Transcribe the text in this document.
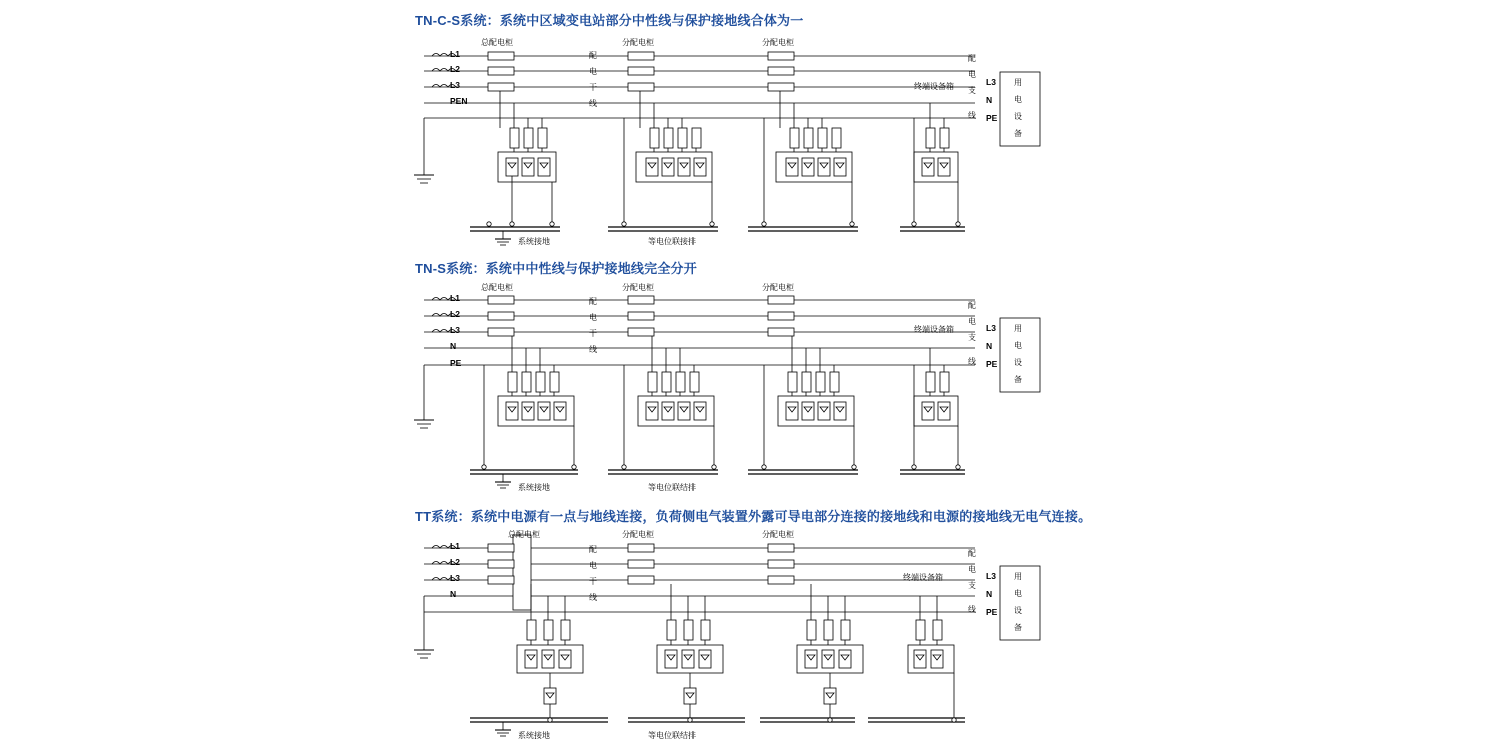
TN-C-S系统：系统中区域变电站部分中性线与保护接地线合体为一
TN-S系统：系统中中性线与保护接地线完全分开
TT系统：系统中电源有一点与地线连接，负荷侧电气装置外露可导电部分连接的接地线和电源的接地线无电气连接。
L1
L2
L3
PEN
总配电柜	分配电柜	分配电柜
终端设备箱
配
电
干
线
配
电
支
线
L3
N
PE
用
电
设
备
系统接地	等电位联接排
L1
L2
L3
N
PE
总配电柜	分配电柜	分配电柜
终端设备箱
配
电
干
线
配
电
支
线
L3
N
PE
用
电
设
备
系统接地	等电位联结排
L1
L2
L3
N
总配电柜	分配电柜	分配电柜
终端设备箱
配
电
干
线
配
电
支
线
L3
N
PE
用
电
设
备
系统接地	等电位联结排
